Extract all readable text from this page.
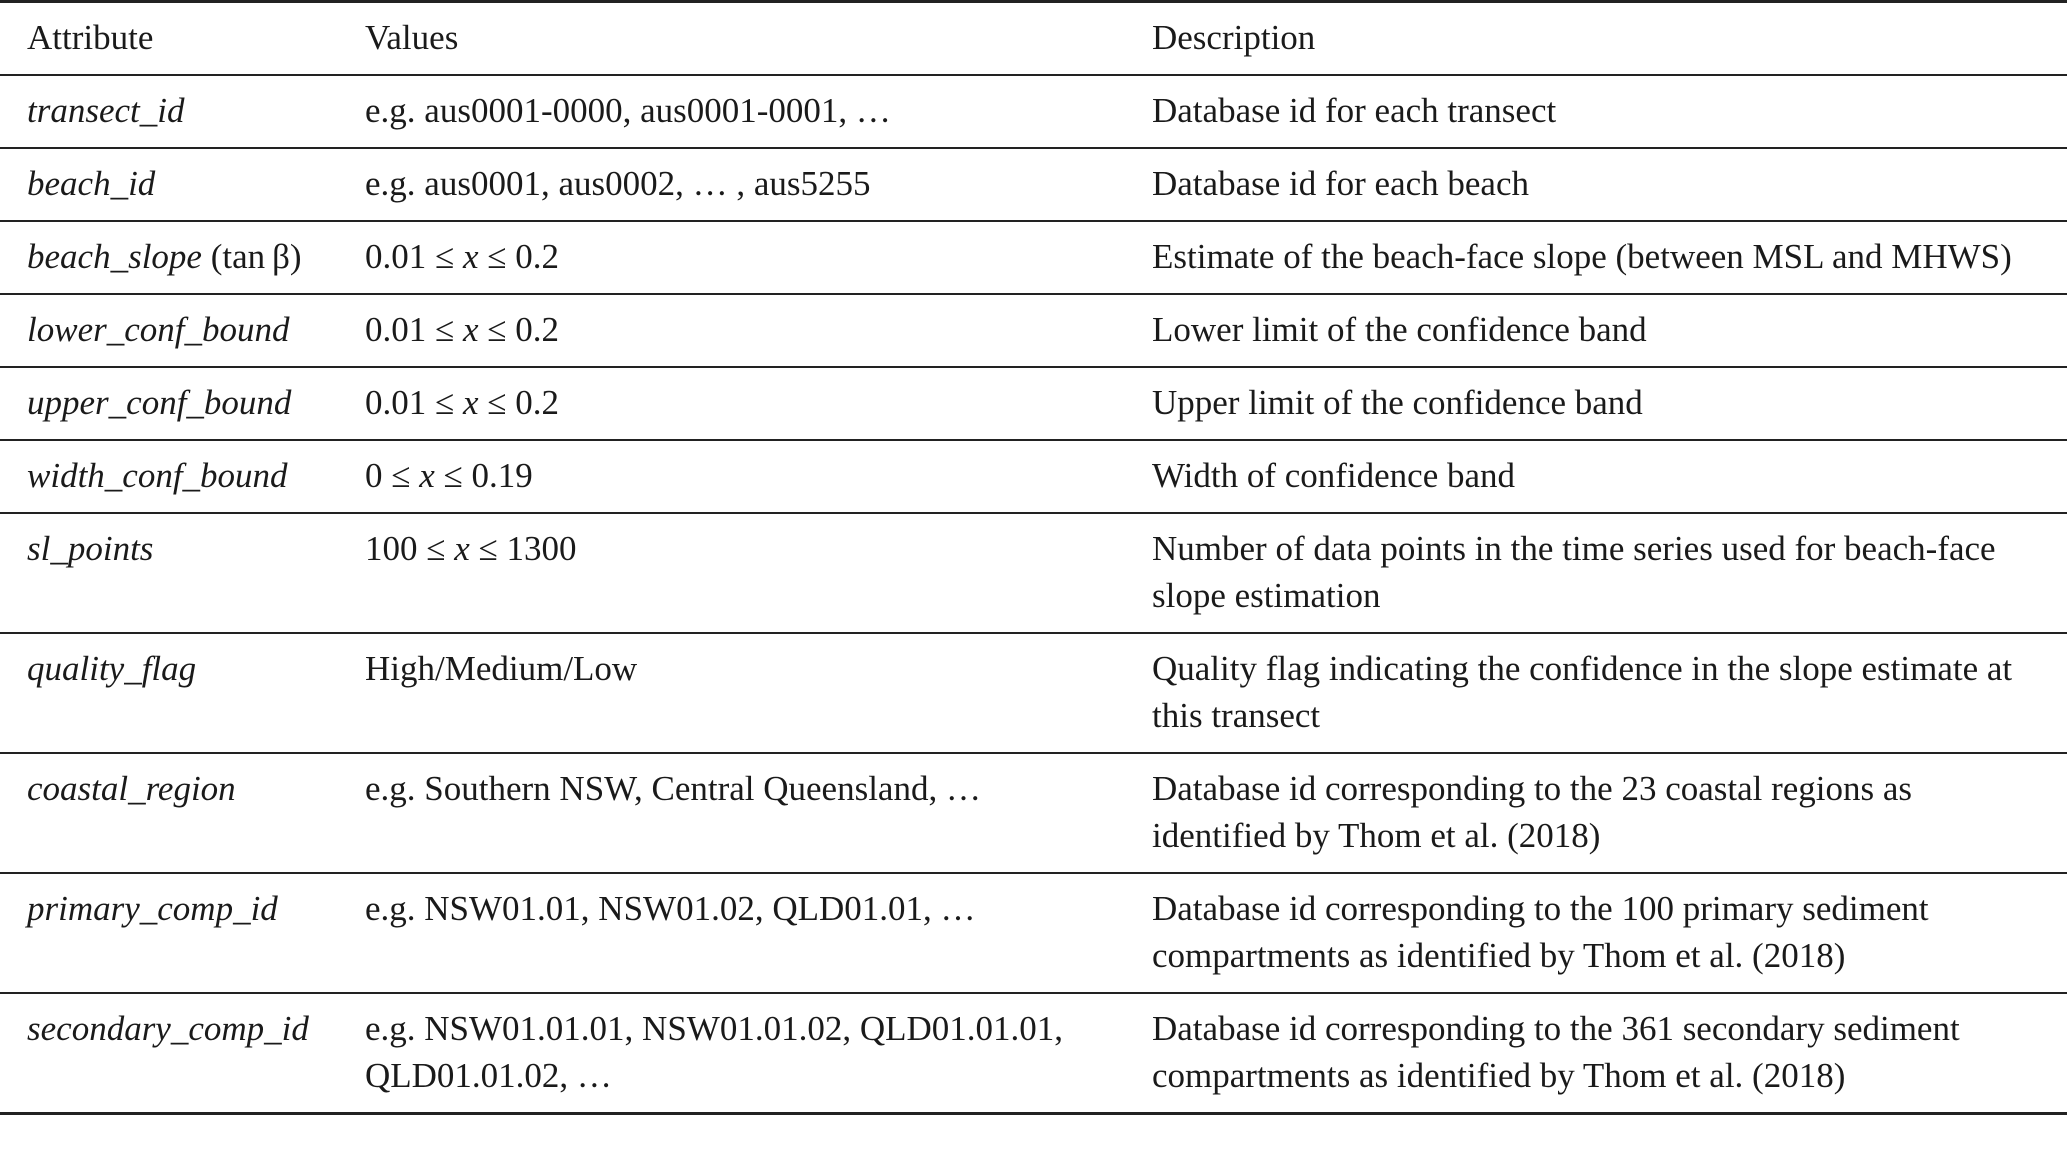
Attribute	Values	Description
transect_id	e.g. aus0001-0000, aus0001-0001, …	Database id for each transect
beach_id	e.g. aus0001, aus0002, … , aus5255	Database id for each beach
beach_slope (tan β)	0.01 ≤ x ≤ 0.2	Estimate of the beach-face slope (between MSL and MHWS)
lower_conf_bound	0.01 ≤ x ≤ 0.2	Lower limit of the confidence band
upper_conf_bound	0.01 ≤ x ≤ 0.2	Upper limit of the confidence band
width_conf_bound	0 ≤ x ≤ 0.19	Width of confidence band
sl_points	100 ≤ x ≤ 1300	Number of data points in the time series used for beach-face slope estimation
quality_flag	High/Medium/Low	Quality flag indicating the confidence in the slope estimate at this transect
coastal_region	e.g. Southern NSW, Central Queensland, …	Database id corresponding to the 23 coastal regions as identified by Thom et al. (2018)
primary_comp_id	e.g. NSW01.01, NSW01.02, QLD01.01, …	Database id corresponding to the 100 primary sediment compartments as identified by Thom et al. (2018)
secondary_comp_id	e.g. NSW01.01.01, NSW01.01.02, QLD01.01.01, QLD01.01.02, …	Database id corresponding to the 361 secondary sediment compartments as identified by Thom et al. (2018)
